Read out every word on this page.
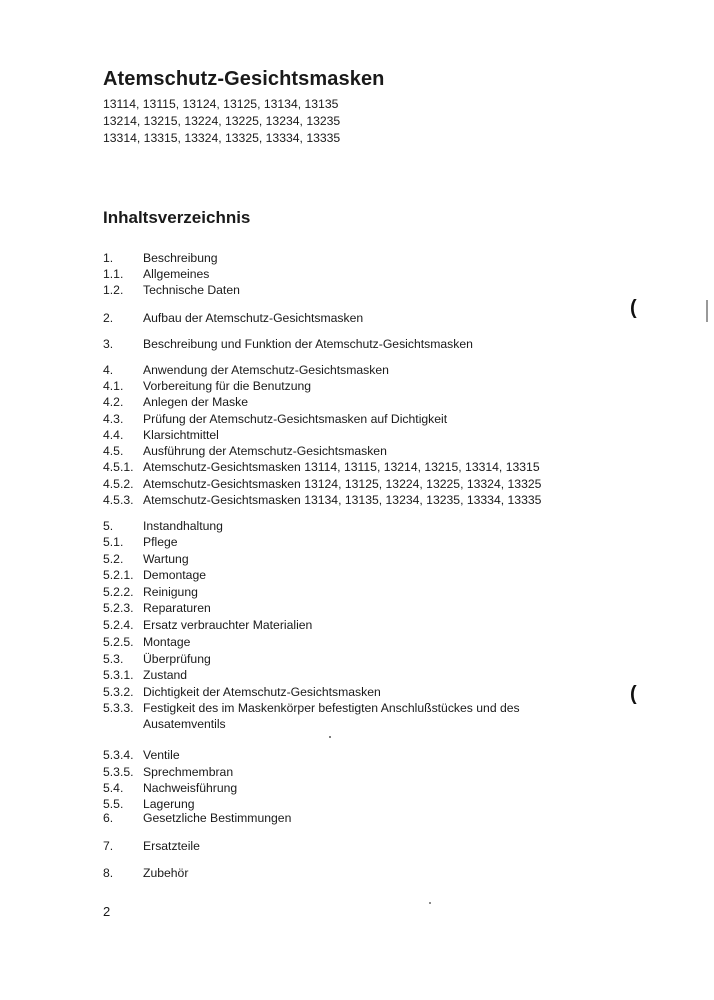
Atemschutz-Gesichtsmasken
13114, 13115, 13124, 13125, 13134, 13135
13214, 13215, 13224, 13225, 13234, 13235
13314, 13315, 13324, 13325, 13334, 13335
Inhaltsverzeichnis
1. Beschreibung
1.1. Allgemeines
1.2. Technische Daten
2. Aufbau der Atemschutz-Gesichtsmasken
3. Beschreibung und Funktion der Atemschutz-Gesichtsmasken
4. Anwendung der Atemschutz-Gesichtsmasken
4.1. Vorbereitung für die Benutzung
4.2. Anlegen der Maske
4.3. Prüfung der Atemschutz-Gesichtsmasken auf Dichtigkeit
4.4. Klarsichtmittel
4.5. Ausführung der Atemschutz-Gesichtsmasken
4.5.1. Atemschutz-Gesichtsmasken 13114, 13115, 13214, 13215, 13314, 13315
4.5.2. Atemschutz-Gesichtsmasken 13124, 13125, 13224, 13225, 13324, 13325
4.5.3. Atemschutz-Gesichtsmasken 13134, 13135, 13234, 13235, 13334, 13335
5. Instandhaltung
5.1. Pflege
5.2. Wartung
5.2.1. Demontage
5.2.2. Reinigung
5.2.3. Reparaturen
5.2.4. Ersatz verbrauchter Materialien
5.2.5. Montage
5.3. Überprüfung
5.3.1. Zustand
5.3.2. Dichtigkeit der Atemschutz-Gesichtsmasken
5.3.3. Festigkeit des im Maskenkörper befestigten Anschlußstückes und des Ausatemventils
5.3.4. Ventile
5.3.5. Sprechmembran
5.4. Nachweisführung
5.5. Lagerung
6. Gesetzliche Bestimmungen
7. Ersatzteile
8. Zubehör
2
(
(
